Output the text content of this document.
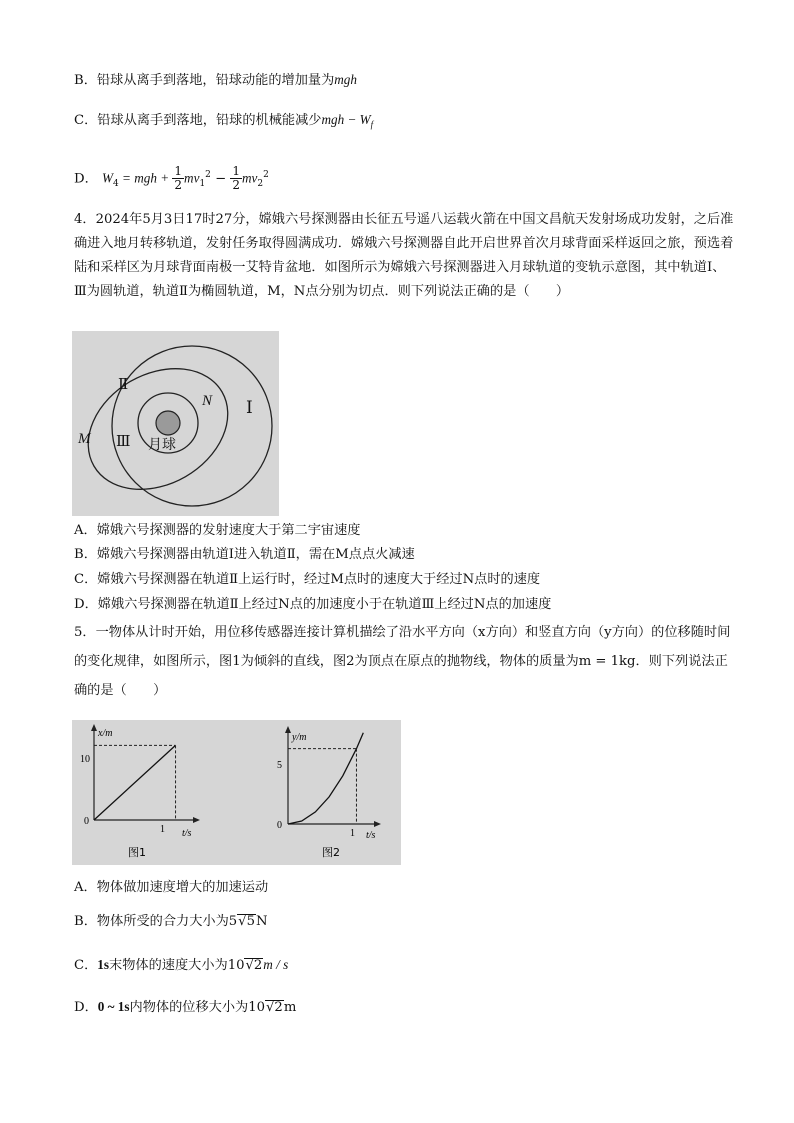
B．铅球从离手到落地，铅球动能的增加量为mgh
C．铅球从离手到落地，铅球的机械能减少mgh − $W_f$
D． $W_4$ = mgh + $\frac{1}{2} mv_1^2 - \frac{1}{2} mv_2^2$
4．2024年5月3日17时27分，嫦娥六号探测器由长征五号遥八运载火箭在中国文昌航天发射场成功发射，之后准确进入地月转移轨道，发射任务取得圆满成功．嫦娥六号探测器自此开启世界首次月球背面采样返回之旅，预选着陆和采样区为月球背面南极一艾特肯盆地．如图所示为嫦娥六号探测器进入月球轨道的变轨示意图，其中轨道Ⅰ、Ⅲ为圆轨道，轨道Ⅱ为椭圆轨道，M，N点分别为切点．则下列说法正确的是（　　）
Ⅰ
Ⅱ
Ⅲ
M
N
月球
A．嫦娥六号探测器的发射速度大于第二宇宙速度
B．嫦娥六号探测器由轨道Ⅰ进入轨道Ⅱ，需在M点点火减速
C．嫦娥六号探测器在轨道Ⅱ上运行时，经过M点时的速度大于经过N点时的速度
D．嫦娥六号探测器在轨道Ⅱ上经过N点的加速度小于在轨道Ⅲ上经过N点的加速度
5．一物体从计时开始，用位移传感器连接计算机描绘了沿水平方向（x方向）和竖直方向（y方向）的位移随时间的变化规律，如图所示，图1为倾斜的直线，图2为顶点在原点的抛物线，物体的质量为m = 1kg．则下列说法正确的是（　　）
x/m
t/s
10
0
1
图1
y/m
t/s
5
0
1
图2
A．物体做加速度增大的加速运动
B．物体所受的合力大小为5√5N
C．1s末物体的速度大小为10√2m / s
D．0 ~ 1s内物体的位移大小为10√2m
